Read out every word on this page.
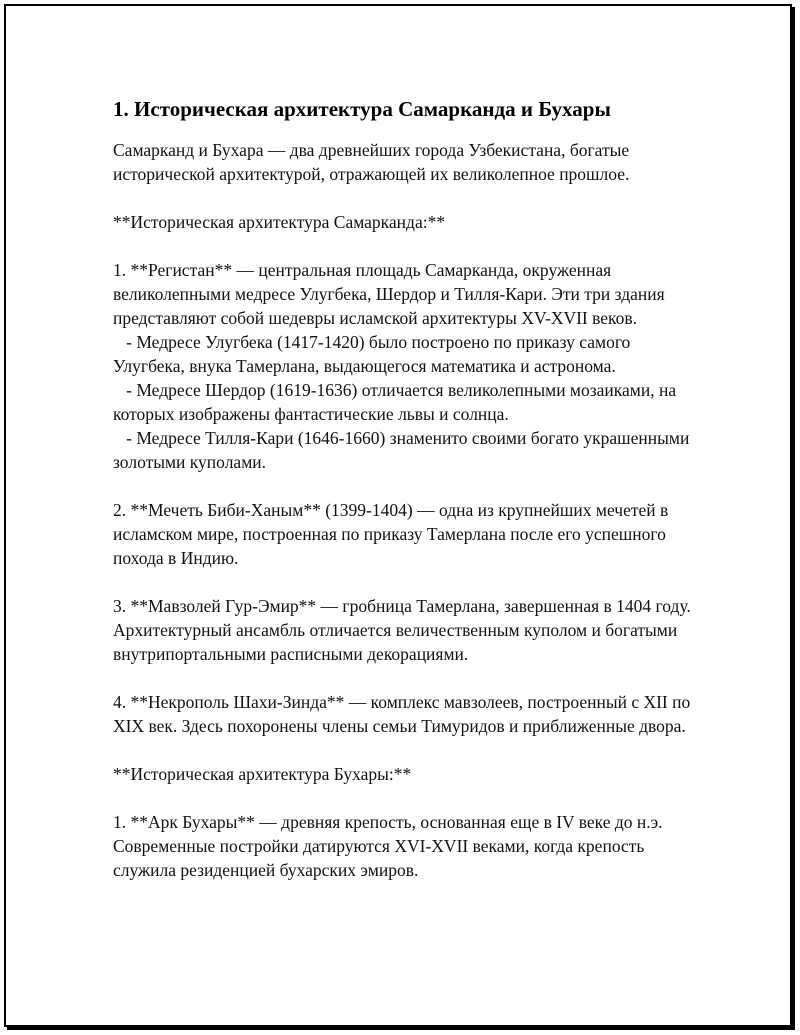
1. Историческая архитектура Самарканда и Бухары

Самарканд и Бухара — два древнейших города Узбекистана, богатые исторической архитектурой, отражающей их великолепное прошлое.

**Историческая архитектура Самарканда:**

1. **Регистан** — центральная площадь Самарканда, окруженная великолепными медресе Улугбека, Шердор и Тилля-Кари. Эти три здания представляют собой шедевры исламской архитектуры XV-XVII веков.

- Медресе Улугбека (1417-1420) было построено по приказу самого Улугбека, внука Тамерлана, выдающегося математика и астронома.

- Медресе Шердор (1619-1636) отличается великолепными мозаиками, на которых изображены фантастические львы и солнца.

- Медресе Тилля-Кари (1646-1660) знаменито своими богато украшенными золотыми куполами.

2. **Мечеть Биби-Ханым** (1399-1404) — одна из крупнейших мечетей в исламском мире, построенная по приказу Тамерлана после его успешного похода в Индию.

3. **Мавзолей Гур-Эмир** — гробница Тамерлана, завершенная в 1404 году. Архитектурный ансамбль отличается величественным куполом и богатыми внутрипортальными расписными декорациями.

4. **Некрополь Шахи-Зинда** — комплекс мавзолеев, построенный с XII по XIX век. Здесь похоронены члены семьи Тимуридов и приближенные двора.

**Историческая архитектура Бухары:**

1. **Арк Бухары** — древняя крепость, основанная еще в IV веке до н.э. Современные постройки датируются XVI-XVII веками, когда крепость служила резиденцией бухарских эмиров.
